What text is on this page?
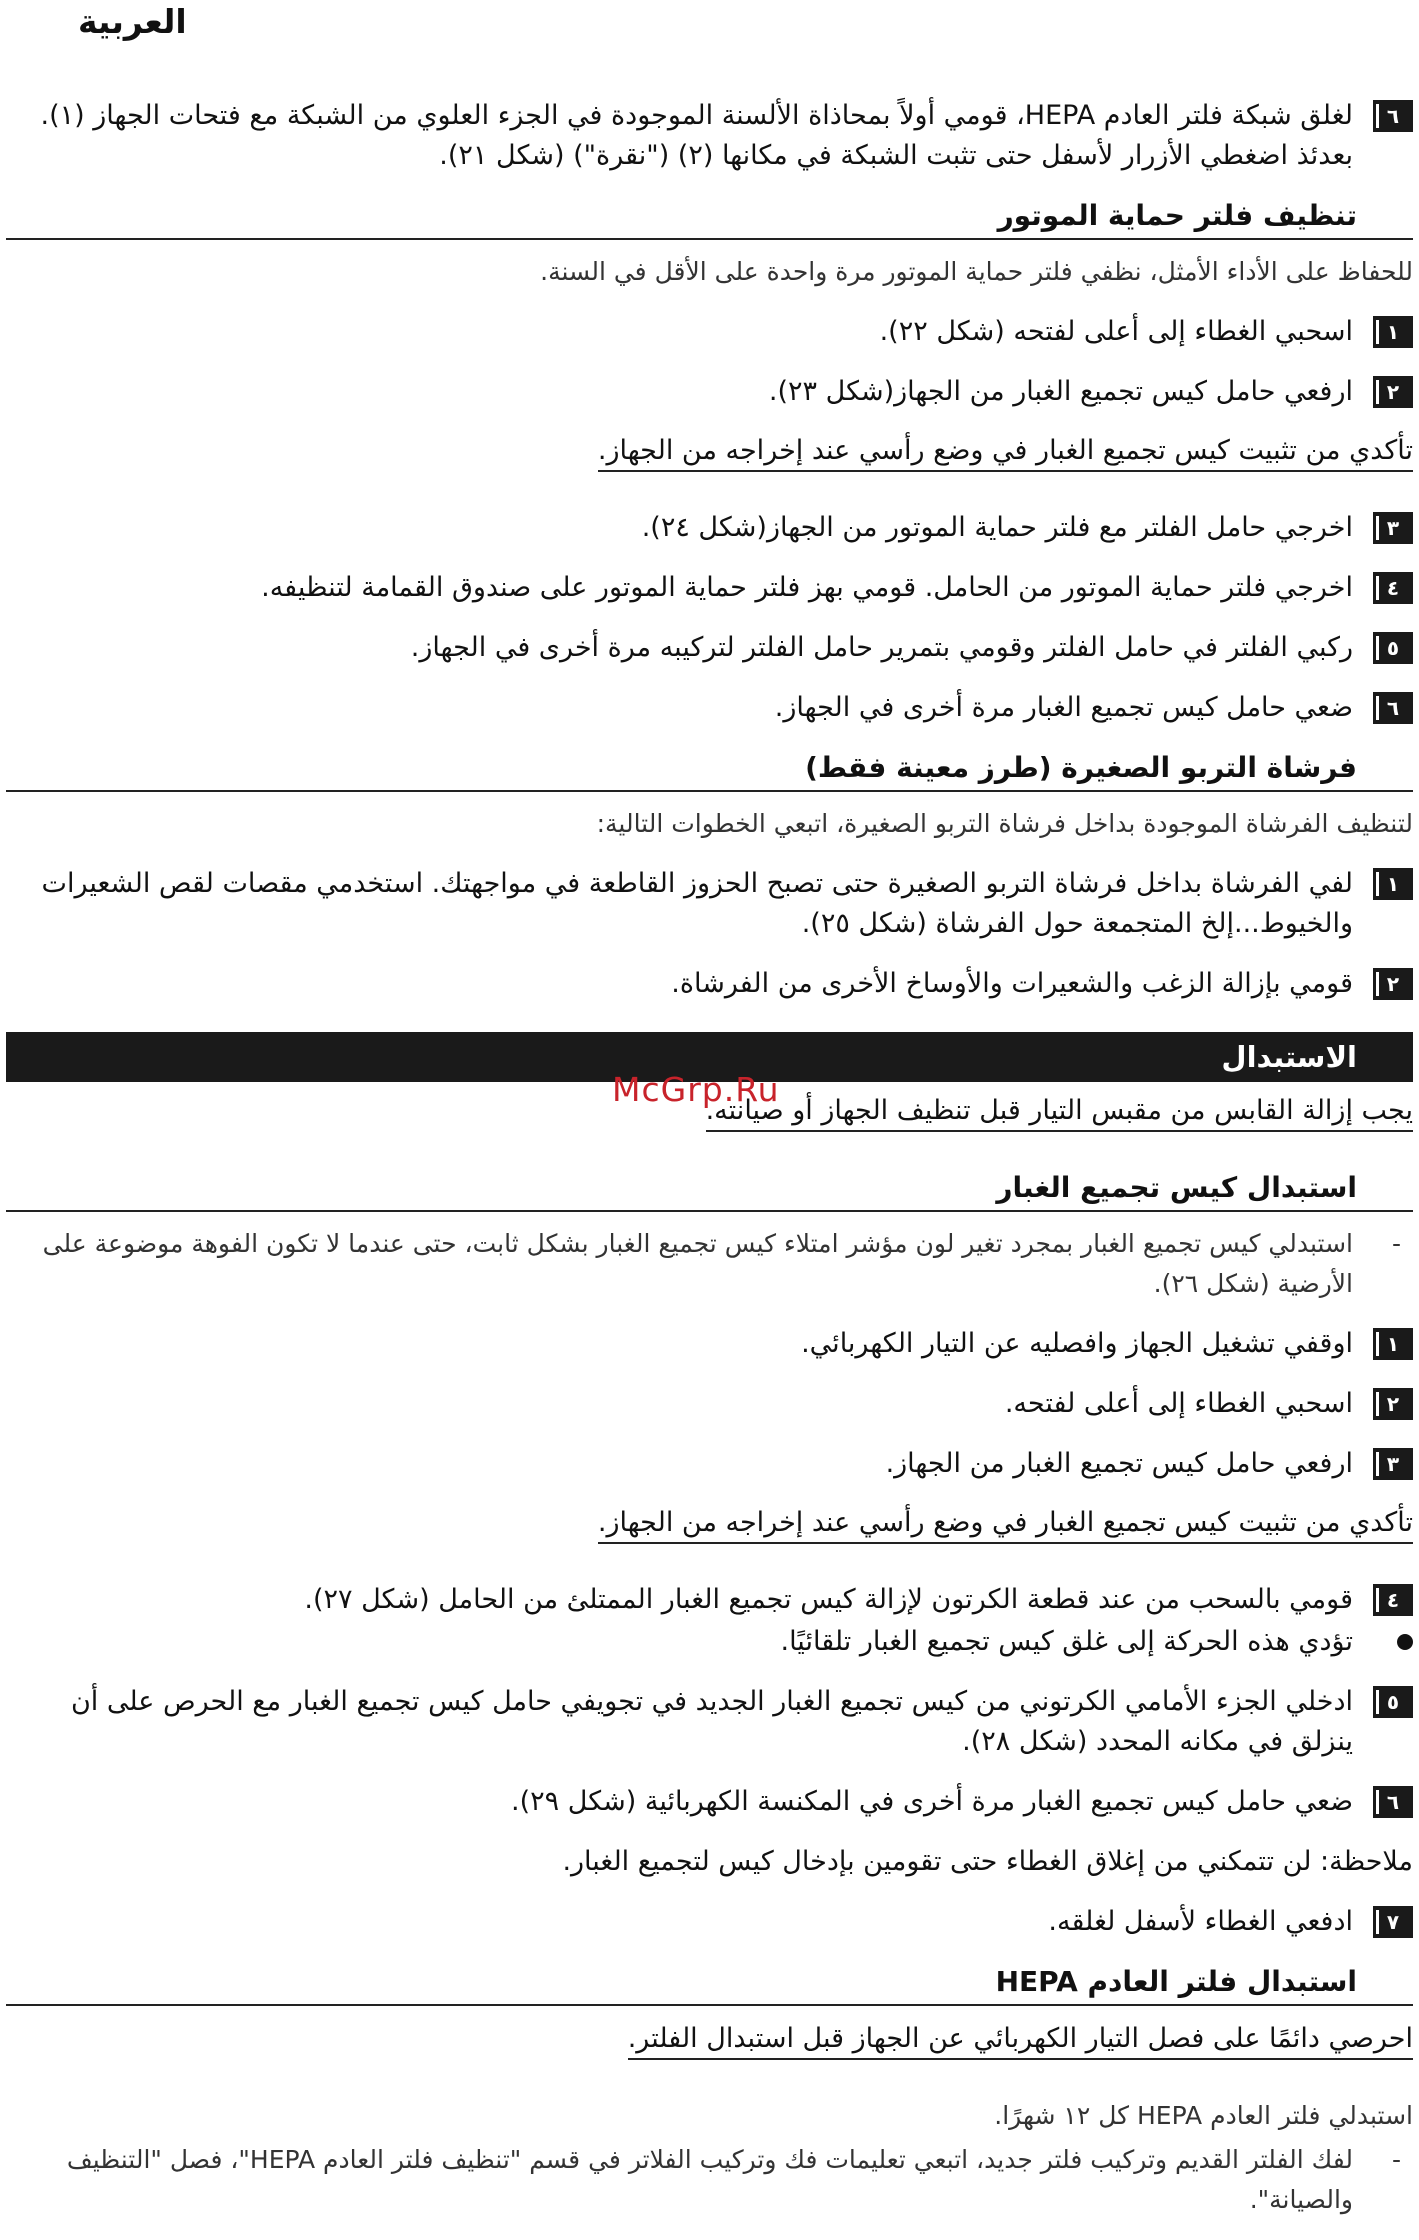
العربية
٦
لغلق شبكة فلتر العادم HEPA، قومي أولاً بمحاذاة الألسنة الموجودة في الجزء العلوي من الشبكة مع فتحات الجهاز (١). بعدئذ اضغطي الأزرار لأسفل حتى تثبت الشبكة في مكانها (٢) ("نقرة") (شكل ٢١).
تنظيف فلتر حماية الموتور

للحفاظ على الأداء الأمثل، نظفي فلتر حماية الموتور مرة واحدة على الأقل في السنة.

١
اسحبي الغطاء إلى أعلى لفتحه (شكل ٢٢).
٢
ارفعي حامل كيس تجميع الغبار من الجهاز(شكل ٢٣).
تأكدي من تثبيت كيس تجميع الغبار في وضع رأسي عند إخراجه من الجهاز.
٣
اخرجي حامل الفلتر مع فلتر حماية الموتور من الجهاز(شكل ٢٤).
٤
اخرجي فلتر حماية الموتور من الحامل. قومي بهز فلتر حماية الموتور على صندوق القمامة لتنظيفه.
٥
ركبي الفلتر في حامل الفلتر وقومي بتمرير حامل الفلتر لتركيبه مرة أخرى في الجهاز.
٦
ضعي حامل كيس تجميع الغبار مرة أخرى في الجهاز.
فرشاة التربو الصغيرة (طرز معينة فقط)

لتنظيف الفرشاة الموجودة بداخل فرشاة التربو الصغيرة، اتبعي الخطوات التالية:

١
لفي الفرشاة بداخل فرشاة التربو الصغيرة حتى تصبح الحزوز القاطعة في مواجهتك. استخدمي مقصات لقص الشعيرات والخيوط...إلخ المتجمعة حول الفرشاة (شكل ٢٥).
٢
قومي بإزالة الزغب والشعيرات والأوساخ الأخرى من الفرشاة.
الاستبدال
يجب إزالة القابس من مقبس التيار قبل تنظيف الجهاز أو صيانته.
استبدال كيس تجميع الغبار
-
استبدلي كيس تجميع الغبار بمجرد تغير لون مؤشر امتلاء كيس تجميع الغبار بشكل ثابت، حتى عندما لا تكون الفوهة موضوعة على الأرضية (شكل ٢٦).
١
اوقفي تشغيل الجهاز وافصليه عن التيار الكهربائي.
٢
اسحبي الغطاء إلى أعلى لفتحه.
٣
ارفعي حامل كيس تجميع الغبار من الجهاز.
تأكدي من تثبيت كيس تجميع الغبار في وضع رأسي عند إخراجه من الجهاز.
٤
قومي بالسحب من عند قطعة الكرتون لإزالة كيس تجميع الغبار الممتلئ من الحامل (شكل ٢٧).
تؤدي هذه الحركة إلى غلق كيس تجميع الغبار تلقائيًا.
٥
ادخلي الجزء الأمامي الكرتوني من كيس تجميع الغبار الجديد في تجويفي حامل كيس تجميع الغبار مع الحرص على أن ينزلق في مكانه المحدد (شكل ٢٨).
٦
ضعي حامل كيس تجميع الغبار مرة أخرى في المكنسة الكهربائية (شكل ٢٩).

ملاحظة: لن تتمكني من إغلاق الغطاء حتى تقومين بإدخال كيس لتجميع الغبار.

٧
ادفعي الغطاء لأسفل لغلقه.
استبدال فلتر العادم HEPA
احرصي دائمًا على فصل التيار الكهربائي عن الجهاز قبل استبدال الفلتر.

استبدلي فلتر العادم HEPA كل ١٢ شهرًا.

-
لفك الفلتر القديم وتركيب فلتر جديد، اتبعي تعليمات فك وتركيب الفلاتر في قسم "تنظيف فلتر العادم HEPA"، فصل "التنظيف والصيانة".
McGrp.Ru
